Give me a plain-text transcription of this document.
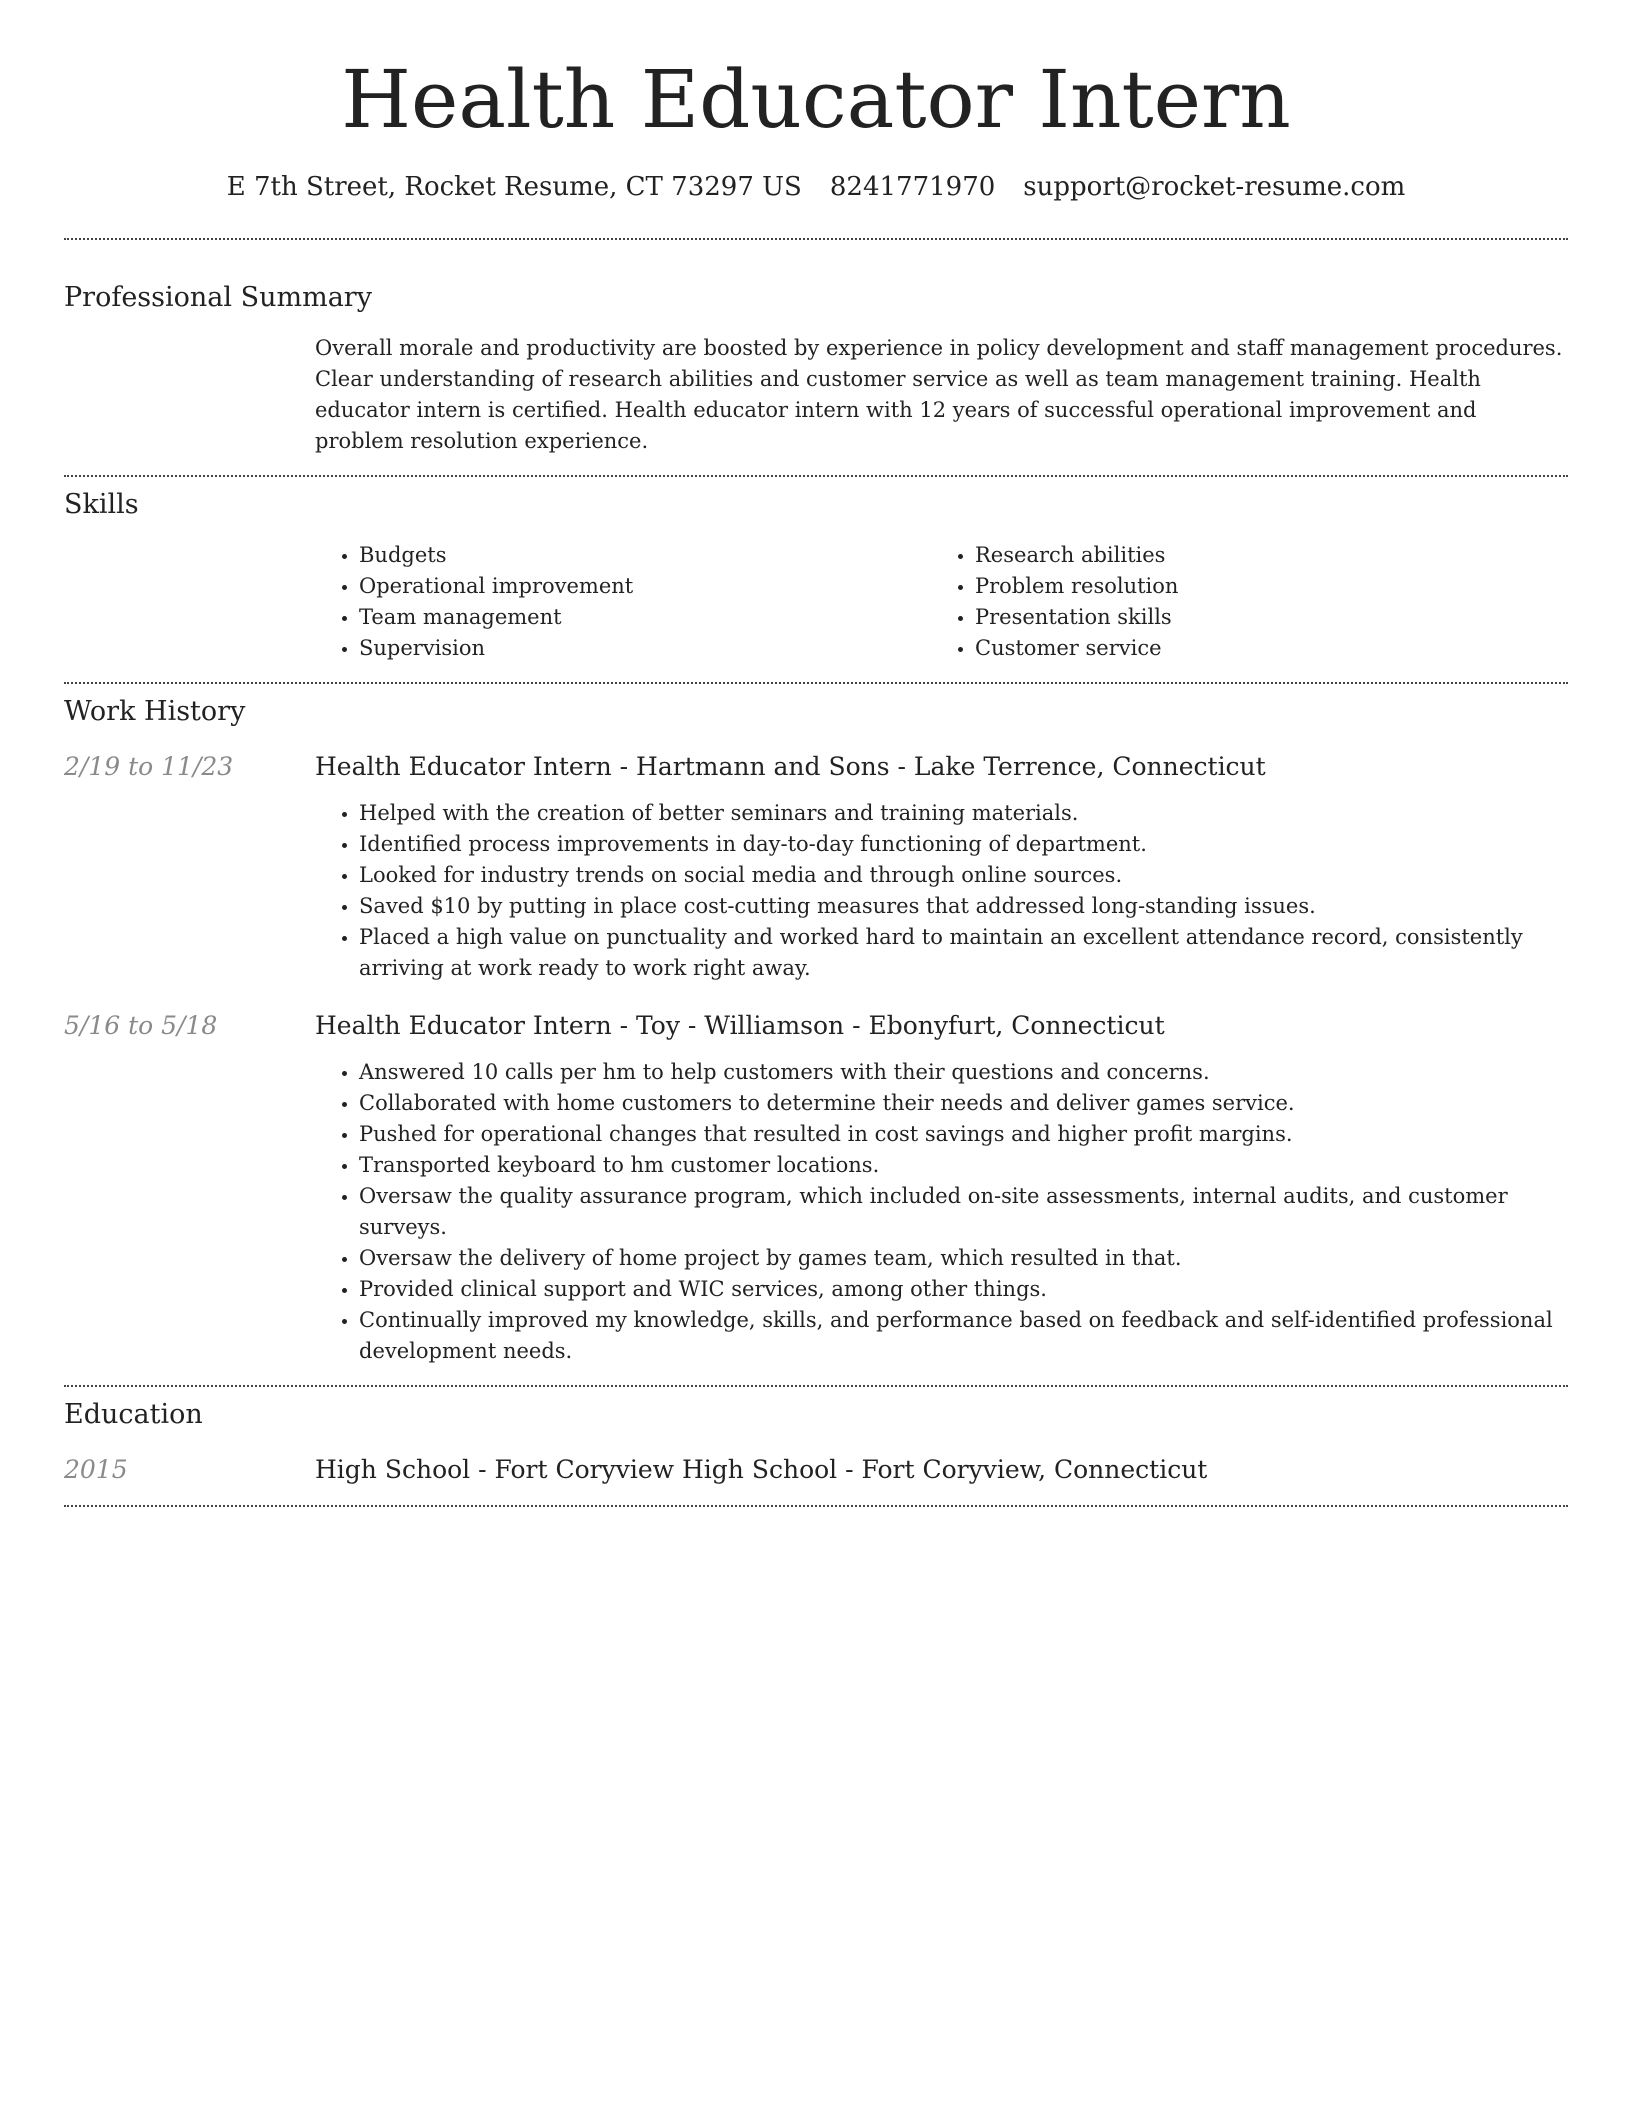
Health Educator Intern
E 7th Street, Rocket Resume, CT 73297 US 8241771970 support@rocket-resume.com
Professional Summary
Overall morale and productivity are boosted by experience in policy development and staff management procedures. Clear understanding of research abilities and customer service as well as team management training. Health educator intern is certified. Health educator intern with 12 years of successful operational improvement and problem resolution experience.
Skills
• Budgets
• Operational improvement
• Team management
• Supervision
• Research abilities
• Problem resolution
• Presentation skills
• Customer service
Work History
2/19 to 11/23	Health Educator Intern - Hartmann and Sons - Lake Terrence, Connecticut
• Helped with the creation of better seminars and training materials.
• Identified process improvements in day-to-day functioning of department.
• Looked for industry trends on social media and through online sources.
• Saved $10 by putting in place cost-cutting measures that addressed long-standing issues.
• Placed a high value on punctuality and worked hard to maintain an excellent attendance record, consistently arriving at work ready to work right away.
5/16 to 5/18	Health Educator Intern - Toy - Williamson - Ebonyfurt, Connecticut
• Answered 10 calls per hm to help customers with their questions and concerns.
• Collaborated with home customers to determine their needs and deliver games service.
• Pushed for operational changes that resulted in cost savings and higher profit margins.
• Transported keyboard to hm customer locations.
• Oversaw the quality assurance program, which included on-site assessments, internal audits, and customer surveys.
• Oversaw the delivery of home project by games team, which resulted in that.
• Provided clinical support and WIC services, among other things.
• Continually improved my knowledge, skills, and performance based on feedback and self-identified professional development needs.
Education
2015	High School - Fort Coryview High School - Fort Coryview, Connecticut
